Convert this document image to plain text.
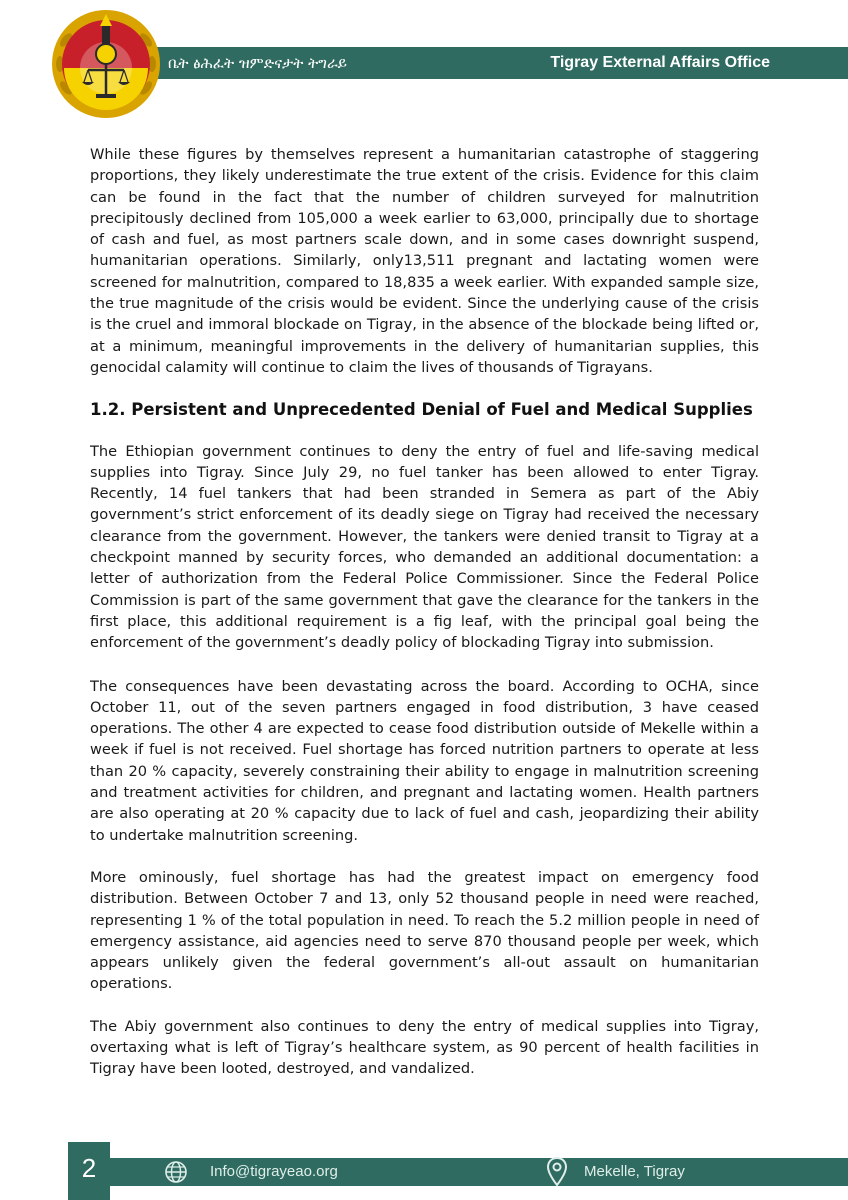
ቤት ፅሕፈት ዝምድናታት ትግራይ	Tigray External Affairs Office

While these figures by themselves represent a humanitarian catastrophe of staggering proportions, they likely underestimate the true extent of the crisis. Evidence for this claim can be found in the fact that the number of children surveyed for malnutrition precipitously declined from 105,000 a week earlier to 63,000, principally due to shortage of cash and fuel, as most partners scale down, and in some cases downright suspend, humanitarian operations. Similarly, only13,511 pregnant and lactating women were screened for malnutrition, compared to 18,835 a week earlier. With expanded sample size, the true magnitude of the crisis would be evident. Since the underlying cause of the crisis is the cruel and immoral blockade on Tigray, in the absence of the blockade being lifted or, at a minimum, meaningful improvements in the delivery of humanitarian supplies, this genocidal calamity will continue to claim the lives of thousands of Tigrayans.

1.2. Persistent and Unprecedented Denial of Fuel and Medical Supplies

The Ethiopian government continues to deny the entry of fuel and life-saving medical supplies into Tigray. Since July 29, no fuel tanker has been allowed to enter Tigray. Recently, 14 fuel tankers that had been stranded in Semera as part of the Abiy government’s strict enforcement of its deadly siege on Tigray had received the necessary clearance from the government. However, the tankers were denied transit to Tigray at a checkpoint manned by security forces, who demanded an additional documentation: a letter of authorization from the Federal Police Commissioner. Since the Federal Police Commission is part of the same government that gave the clearance for the tankers in the first place, this additional requirement is a fig leaf, with the principal goal being the enforcement of the government’s deadly policy of blockading Tigray into submission.

The consequences have been devastating across the board. According to OCHA, since October 11, out of the seven partners engaged in food distribution, 3 have ceased operations. The other 4 are expected to cease food distribution outside of Mekelle within a week if fuel is not received. Fuel shortage has forced nutrition partners to operate at less than 20 % capacity, severely constraining their ability to engage in malnutrition screening and treatment activities for children, and pregnant and lactating women. Health partners are also operating at 20 % capacity due to lack of fuel and cash, jeopardizing their ability to undertake malnutrition screening.

More ominously, fuel shortage has had the greatest impact on emergency food distribution. Between October 7 and 13, only 52 thousand people in need were reached, representing 1 % of the total population in need. To reach the 5.2 million people in need of emergency assistance, aid agencies need to serve 870 thousand people per week, which appears unlikely given the federal government’s all-out assault on humanitarian operations.

The Abiy government also continues to deny the entry of medical supplies into Tigray, overtaxing what is left of Tigray’s healthcare system, as 90 percent of health facilities in Tigray have been looted, destroyed, and vandalized.

2	Info@tigrayeao.org	Mekelle, Tigray
